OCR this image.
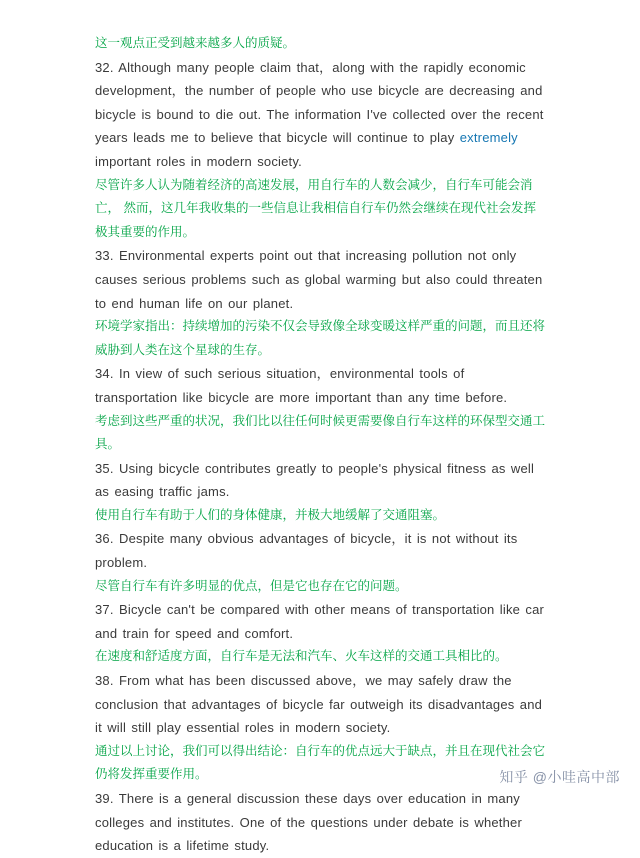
这一观点正受到越来越多人的质疑。

32. Although many people claim that，along with the rapidly economic development，the number of people who use bicycle are decreasing and bicycle is bound to die out. The information I've collected over the recent years leads me to believe that bicycle will continue to play extremely important roles in modern society.

尽管许多人认为随着经济的高速发展，用自行车的人数会减少，自行车可能会消亡， 然而，这几年我收集的一些信息让我相信自行车仍然会继续在现代社会发挥极其重要的作用。

33. Environmental experts point out that increasing pollution not only causes serious problems such as global warming but also could threaten to end human life on our planet.

环境学家指出：持续增加的污染不仅会导致像全球变暖这样严重的问题，而且还将威胁到人类在这个星球的生存。

34. In view of such serious situation，environmental tools of transportation like bicycle are more important than any time before.

考虑到这些严重的状况，我们比以往任何时候更需要像自行车这样的环保型交通工具。

35. Using bicycle contributes greatly to people's physical fitness as well as easing traffic jams.

使用自行车有助于人们的身体健康，并极大地缓解了交通阻塞。

36. Despite many obvious advantages of bicycle，it is not without its problem.

尽管自行车有许多明显的优点，但是它也存在它的问题。

37. Bicycle can't be compared with other means of transportation like car and train for speed and comfort.

在速度和舒适度方面，自行车是无法和汽车、火车这样的交通工具相比的。

38. From what has been discussed above，we may safely draw the conclusion that advantages of bicycle far outweigh its disadvantages and it will still play essential roles in modern society.

通过以上讨论，我们可以得出结论：自行车的优点远大于缺点，并且在现代社会它仍将发挥重要作用。

39. There is a general discussion these days over education in many colleges and institutes. One of the questions under debate is whether education is a lifetime study.

知乎 @小哇高中部
